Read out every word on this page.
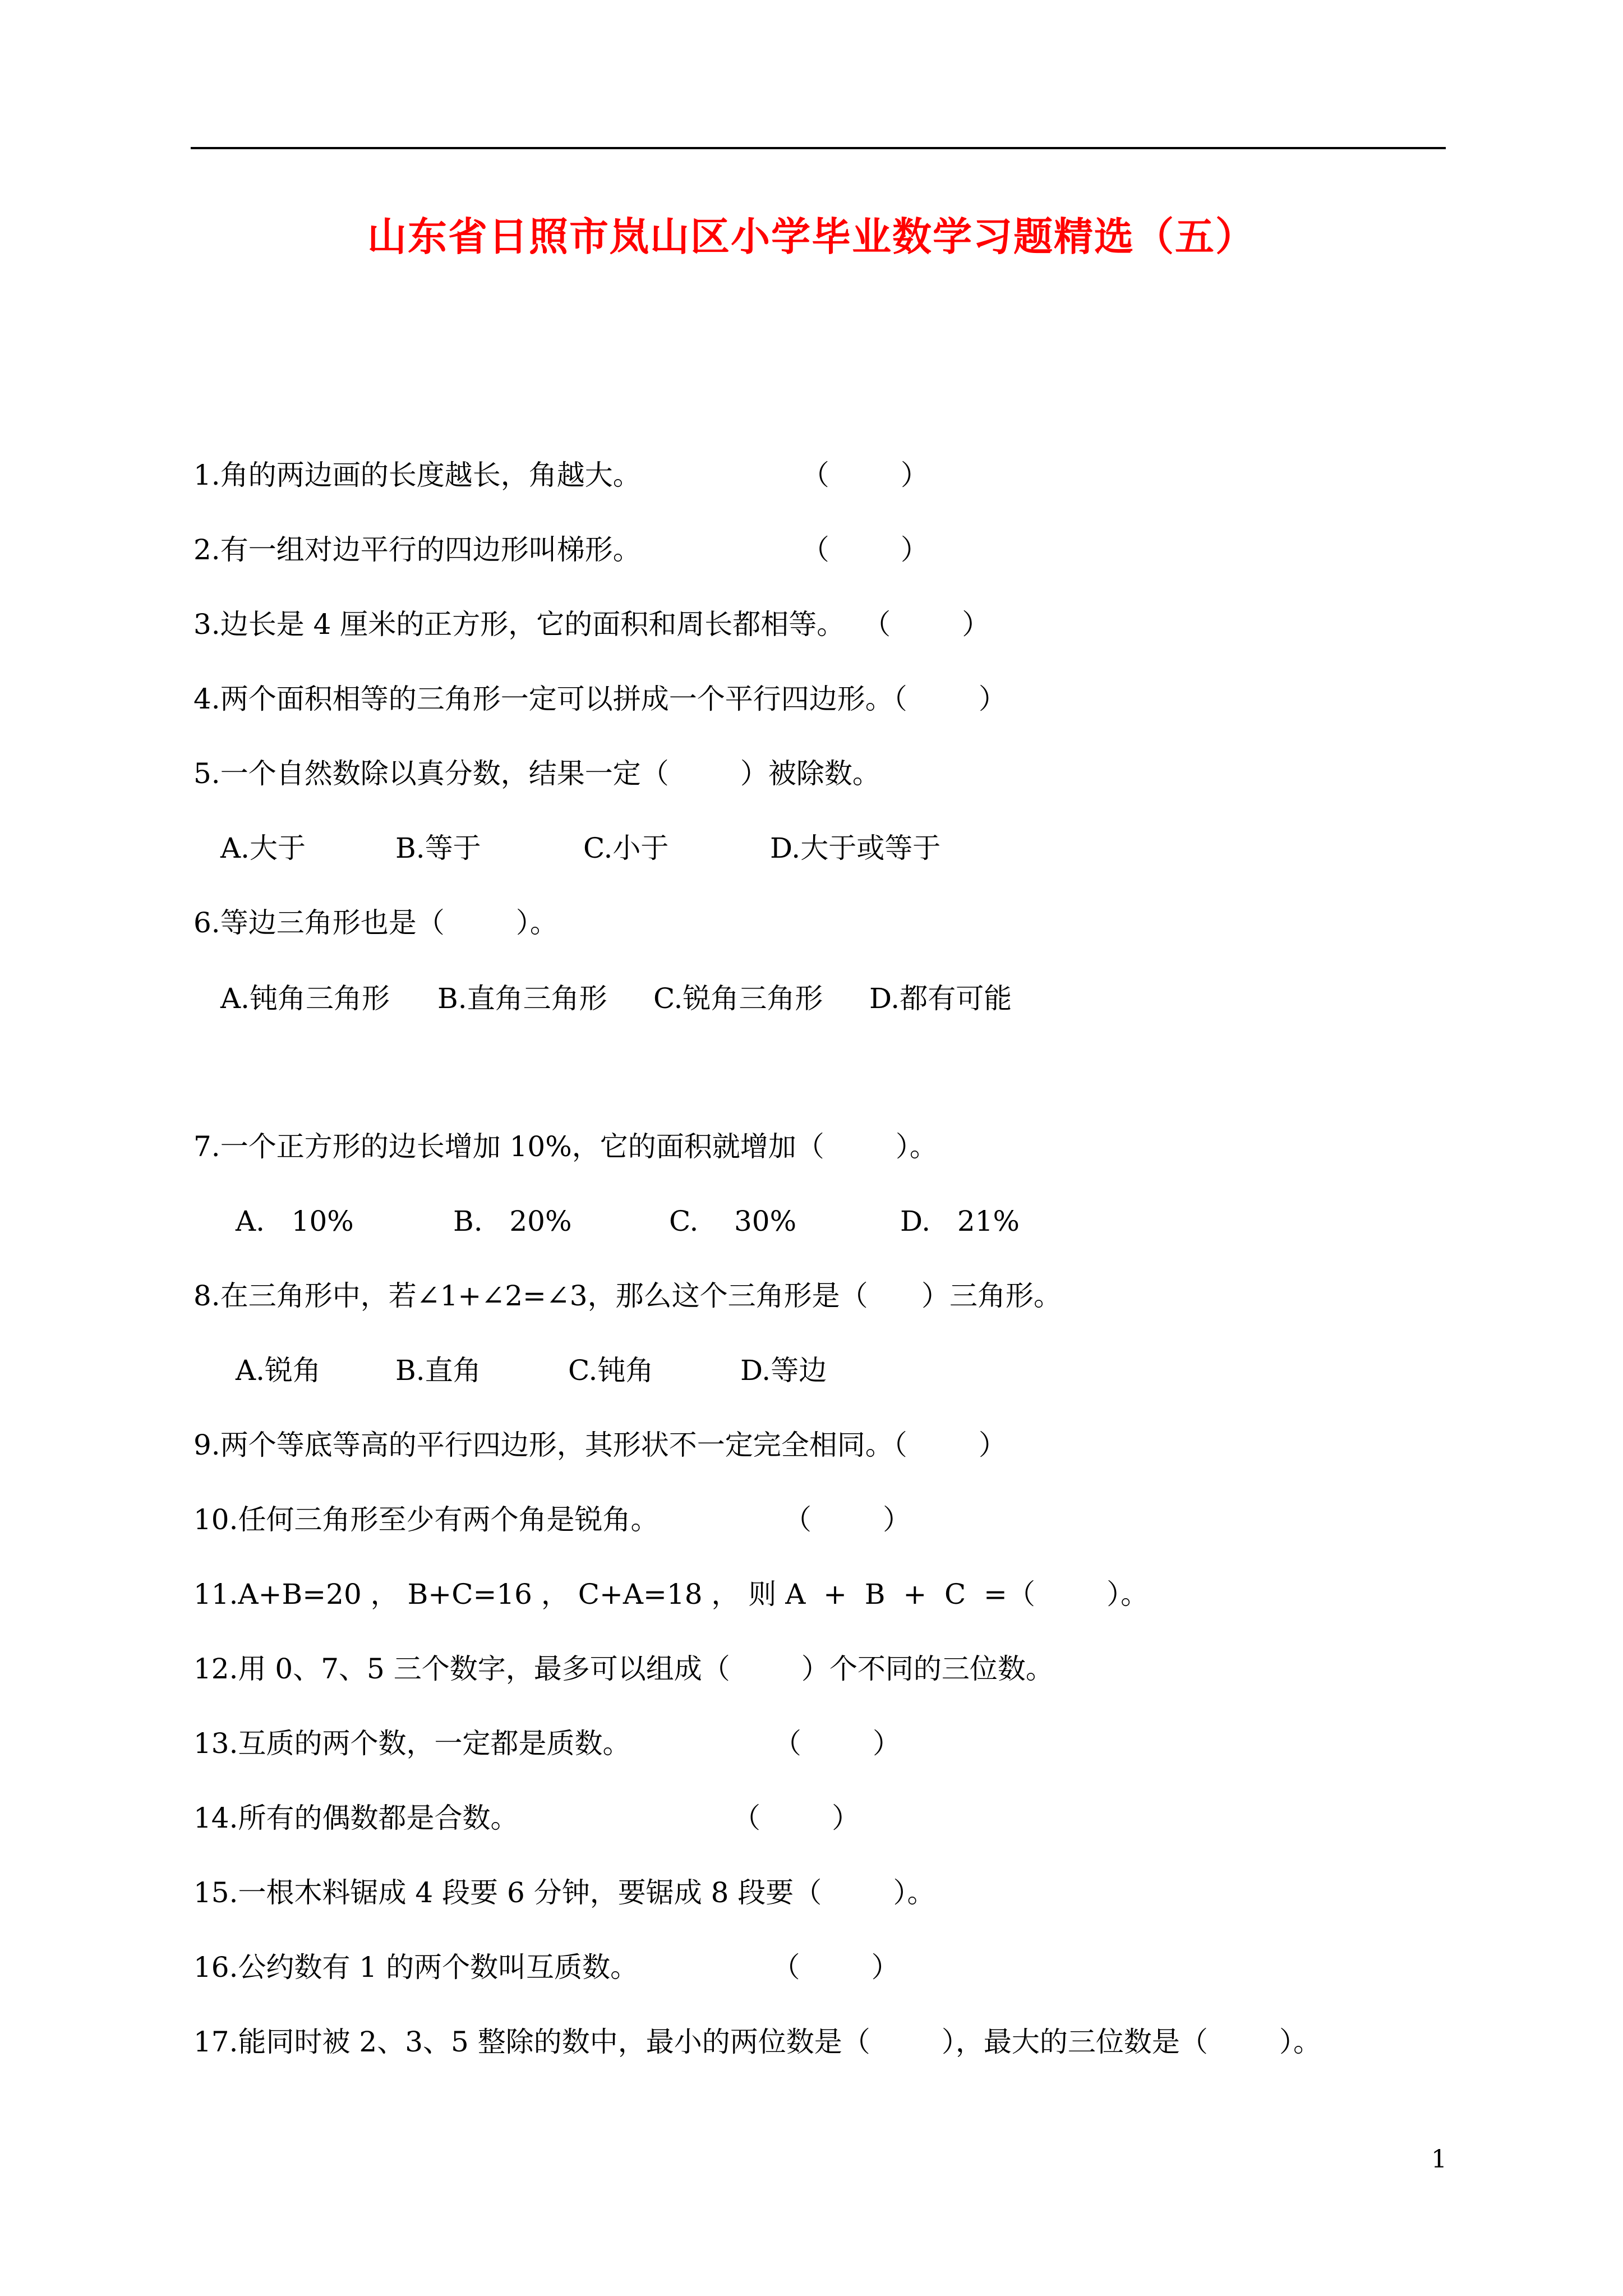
山东省日照市岚山区小学毕业数学习题精选（五）
1.角的两边画的长度越长，角越大。                  （        ）
2.有一组对边平行的四边形叫梯形。                  （        ）
3.边长是 4 厘米的正方形，它的面积和周长都相等。  （        ）
4.两个面积相等的三角形一定可以拼成一个平行四边形。（        ）
5.一个自然数除以真分数，结果一定（        ）被除数。
A.大于	B.等于	C.小于	D.大于或等于
6.等边三角形也是（        ）。
A.钝角三角形 B.直角三角形 C.锐角三角形 D.都有可能
7.一个正方形的边长增加 10%，它的面积就增加（        ）。
A.   10%	B.   20%	C.    30%	D.   21%
8.在三角形中，若∠1+∠2=∠3，那么这个三角形是（      ）三角形。
A.锐角	B.直角	C.钝角	D.等边
9.两个等底等高的平行四边形，其形状不一定完全相同。（        ）
10.任何三角形至少有两个角是锐角。              （        ）
11.A+B=20 ， B+C=16 ， C+A=18 ， 则 A  +  B  +  C  =（        ）。
12.用 0、7、5 三个数字，最多可以组成（        ）个不同的三位数。
13.互质的两个数，一定都是质数。                （        ）
14.所有的偶数都是合数。                        （        ）
15.一根木料锯成 4 段要 6 分钟，要锯成 8 段要（        ）。
16.公约数有 1 的两个数叫互质数。               （        ）
17.能同时被 2、3、5 整除的数中，最小的两位数是（        ），最大的三位数是（        ）。
1
